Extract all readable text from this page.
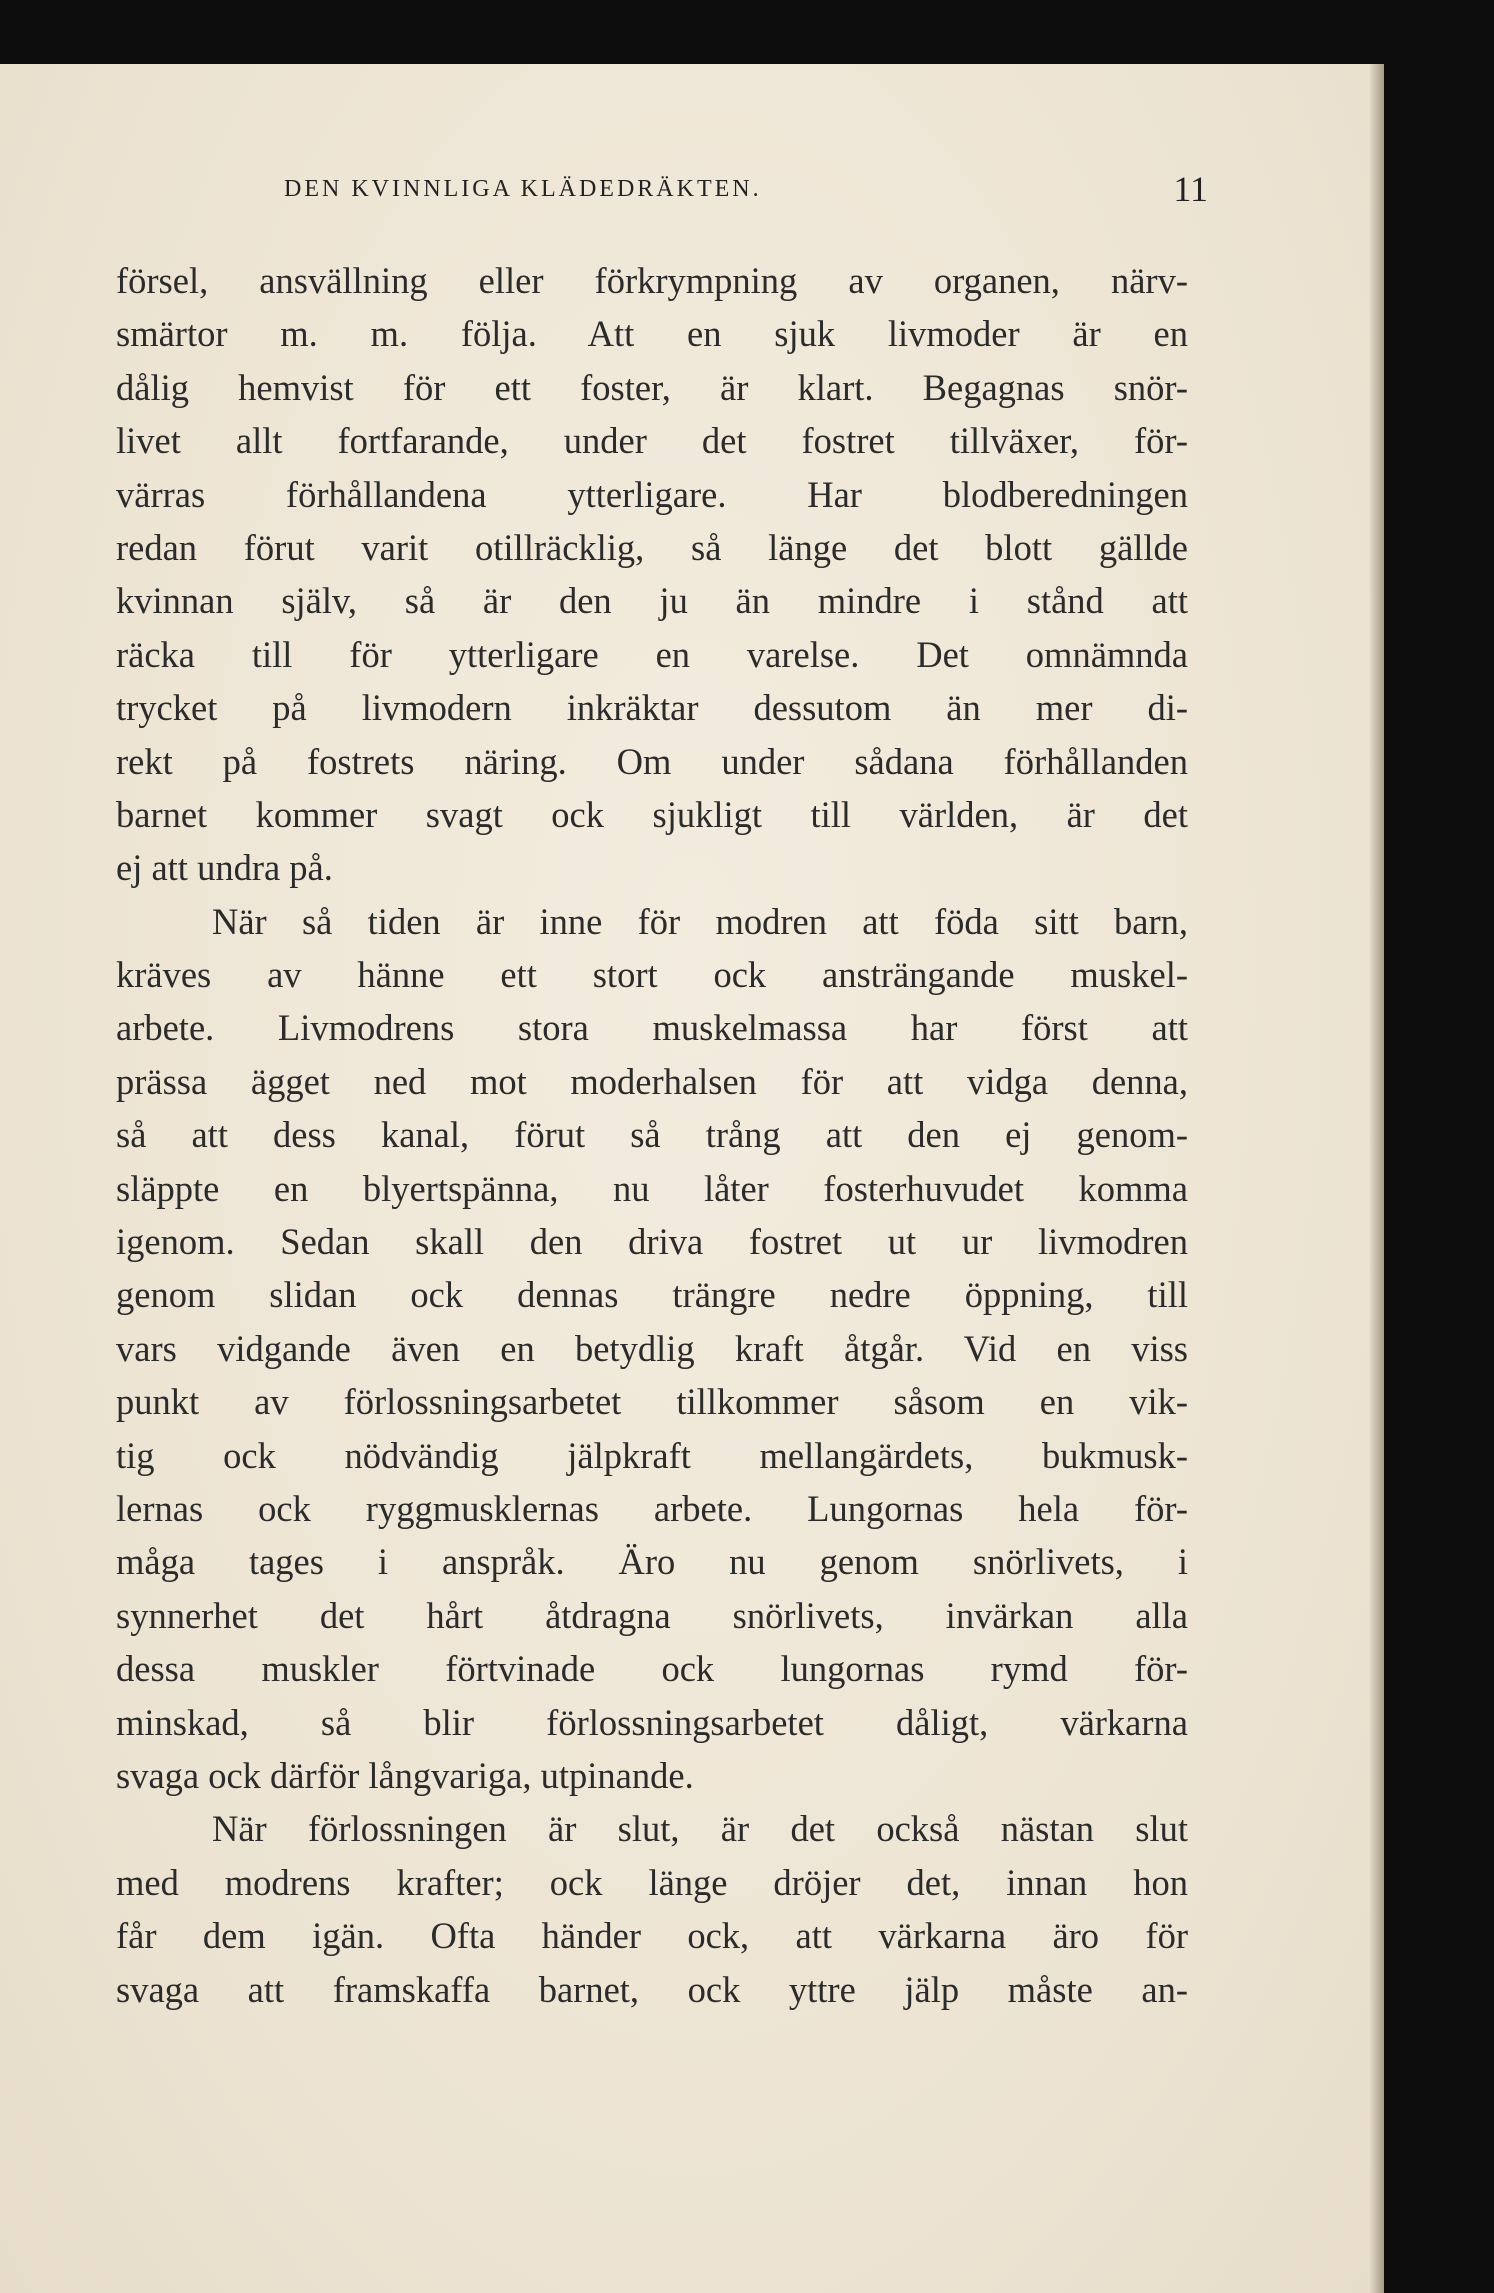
DEN KVINNLIGA KLÄDEDRÄKTEN.	11
försel, ansvällning eller förkrympning av organen, närv-
smärtor m. m. följa. Att en sjuk livmoder är en
dålig hemvist för ett foster, är klart. Begagnas snör-
livet allt fortfarande, under det fostret tillväxer, för-
värras förhållandena ytterligare. Har blodberedningen
redan förut varit otillräcklig, så länge det blott gällde
kvinnan själv, så är den ju än mindre i stånd att
räcka till för ytterligare en varelse. Det omnämnda
trycket på livmodern inkräktar dessutom än mer di-
rekt på fostrets näring. Om under sådana förhållanden
barnet kommer svagt ock sjukligt till världen, är det
ej att undra på.
När så tiden är inne för modren att föda sitt barn,
kräves av hänne ett stort ock ansträngande muskel-
arbete. Livmodrens stora muskelmassa har först att
prässa ägget ned mot moderhalsen för att vidga denna,
så att dess kanal, förut så trång att den ej genom-
släppte en blyertspänna, nu låter fosterhuvudet komma
igenom. Sedan skall den driva fostret ut ur livmodren
genom slidan ock dennas trängre nedre öppning, till
vars vidgande även en betydlig kraft åtgår. Vid en viss
punkt av förlossningsarbetet tillkommer såsom en vik-
tig ock nödvändig jälpkraft mellangärdets, bukmusk-
lernas ock ryggmusklernas arbete. Lungornas hela för-
måga tages i anspråk. Äro nu genom snörlivets, i
synnerhet det hårt åtdragna snörlivets, invärkan alla
dessa muskler förtvinade ock lungornas rymd för-
minskad, så blir förlossningsarbetet dåligt, värkarna
svaga ock därför långvariga, utpinande.
När förlossningen är slut, är det också nästan slut
med modrens krafter; ock länge dröjer det, innan hon
får dem igän. Ofta händer ock, att värkarna äro för
svaga att framskaffa barnet, ock yttre jälp måste an-
